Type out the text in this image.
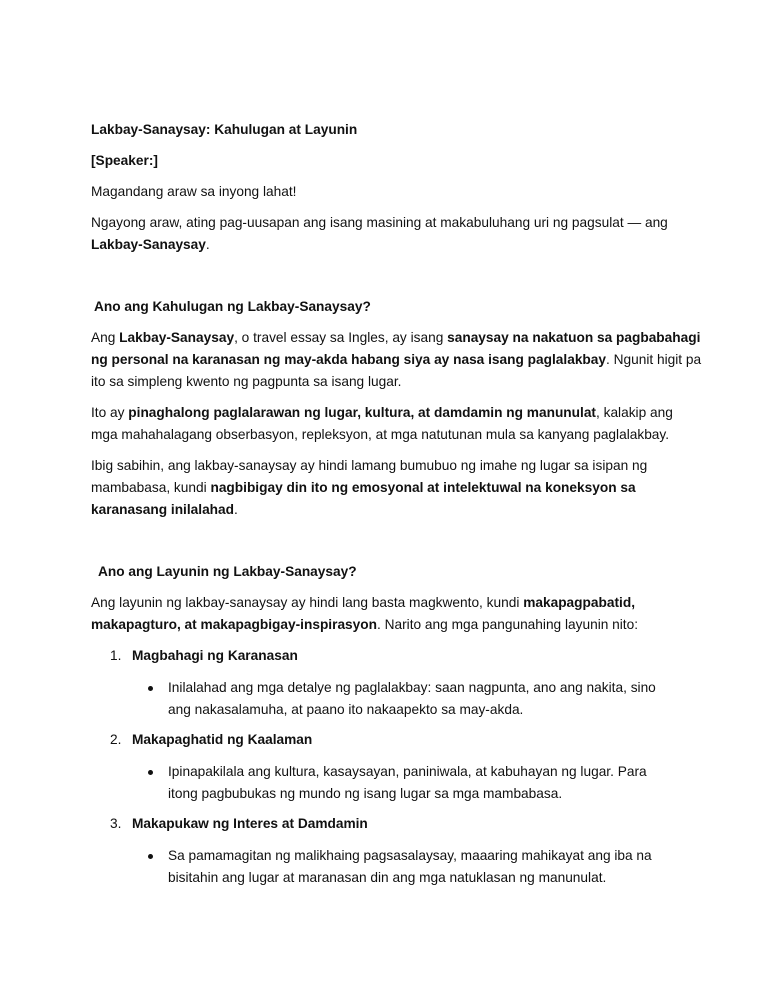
Lakbay-Sanaysay: Kahulugan at Layunin

[Speaker:]

Magandang araw sa inyong lahat!

Ngayong araw, ating pag-uusapan ang isang masining at makabuluhang uri ng pagsulat — ang
Lakbay-Sanaysay.

Ano ang Kahulugan ng Lakbay-Sanaysay?

Ang Lakbay-Sanaysay, o travel essay sa Ingles, ay isang sanaysay na nakatuon sa pagbabahagi
ng personal na karanasan ng may-akda habang siya ay nasa isang paglalakbay. Ngunit higit pa
ito sa simpleng kwento ng pagpunta sa isang lugar.

Ito ay pinaghalong paglalarawan ng lugar, kultura, at damdamin ng manunulat, kalakip ang
mga mahahalagang obserbasyon, repleksyon, at mga natutunan mula sa kanyang paglalakbay.

Ibig sabihin, ang lakbay-sanaysay ay hindi lamang bumubuo ng imahe ng lugar sa isipan ng
mambabasa, kundi nagbibigay din ito ng emosyonal at intelektuwal na koneksyon sa
karanasang inilalahad.

Ano ang Layunin ng Lakbay-Sanaysay?

Ang layunin ng lakbay-sanaysay ay hindi lang basta magkwento, kundi makapagpabatid,
makapagturo, at makapagbigay-inspirasyon. Narito ang mga pangunahing layunin nito:

1. Magbahagi ng Karanasan

Inilalahad ang mga detalye ng paglalakbay: saan nagpunta, ano ang nakita, sino
ang nakasalamuha, at paano ito nakaapekto sa may-akda.

2. Makapaghatid ng Kaalaman

Ipinapakilala ang kultura, kasaysayan, paniniwala, at kabuhayan ng lugar. Para
itong pagbubukas ng mundo ng isang lugar sa mga mambabasa.

3. Makapukaw ng Interes at Damdamin

Sa pamamagitan ng malikhaing pagsasalaysay, maaaring mahikayat ang iba na
bisitahin ang lugar at maranasan din ang mga natuklasan ng manunulat.
